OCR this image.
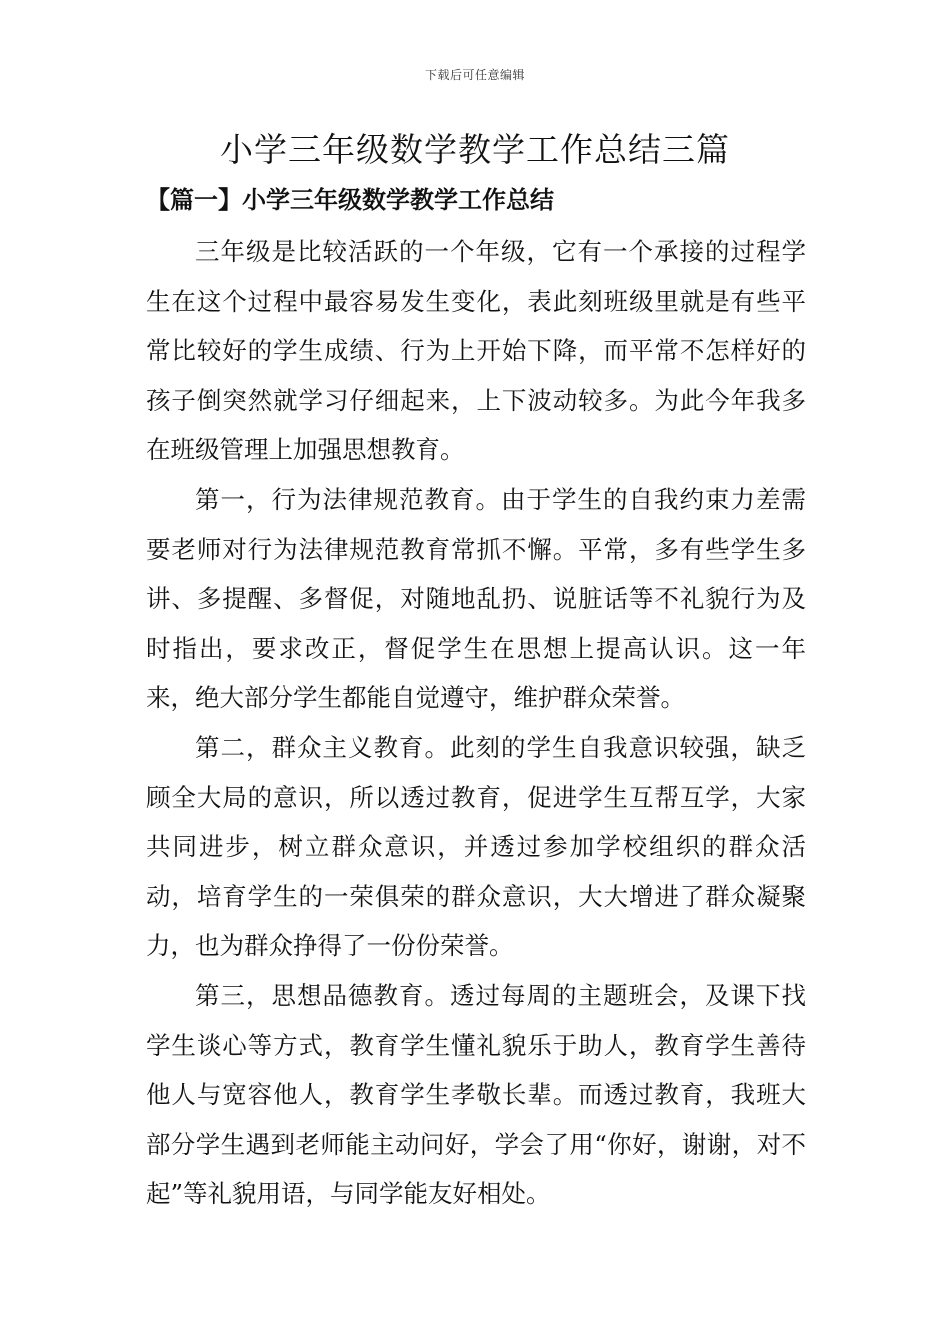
下载后可任意编辑
小学三年级数学教学工作总结三篇
【篇一】小学三年级数学教学工作总结

三年级是比较活跃的一个年级，它有一个承接的过程学生在这个过程中最容易发生变化，表此刻班级里就是有些平常比较好的学生成绩、行为上开始下降，而平常不怎样好的孩子倒突然就学习仔细起来，上下波动较多。为此今年我多在班级管理上加强思想教育。

第一，行为法律规范教育。由于学生的自我约束力差需要老师对行为法律规范教育常抓不懈。平常，多有些学生多讲、多提醒、多督促，对随地乱扔、说脏话等不礼貌行为及时指出，要求改正，督促学生在思想上提高认识。这一年来，绝大部分学生都能自觉遵守，维护群众荣誉。

第二，群众主义教育。此刻的学生自我意识较强，缺乏顾全大局的意识，所以透过教育，促进学生互帮互学，大家共同进步，树立群众意识，并透过参加学校组织的群众活动，培育学生的一荣俱荣的群众意识，大大增进了群众凝聚力，也为群众挣得了一份份荣誉。

第三，思想品德教育。透过每周的主题班会，及课下找学生谈心等方式，教育学生懂礼貌乐于助人，教育学生善待他人与宽容他人，教育学生孝敬长辈。而透过教育，我班大部分学生遇到老师能主动问好，学会了用“你好，谢谢，对不起”等礼貌用语，与同学能友好相处。
